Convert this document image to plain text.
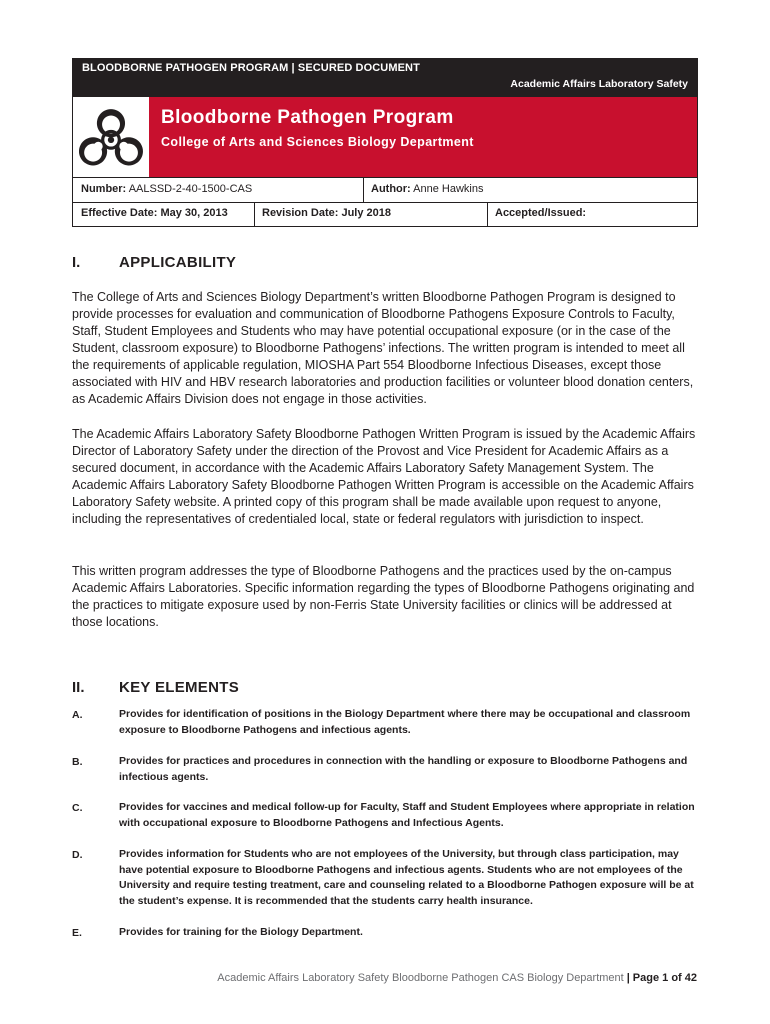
BLOODBORNE PATHOGEN PROGRAM | SECURED DOCUMENT
Academic Affairs Laboratory Safety
Bloodborne Pathogen Program
College of Arts and Sciences Biology Department
Number: AALSSD-2-40-1500-CAS	Author: Anne Hawkins
Effective Date: May 30, 2013	Revision Date: July 2018	Accepted/Issued:
I.	APPLICABILITY

The College of Arts and Sciences Biology Department’s written Bloodborne Pathogen Program is designed to provide processes for evaluation and communication of Bloodborne Pathogens Exposure Controls to Faculty, Staff, Student Employees and Students who may have potential occupational exposure (or in the case of the Student, classroom exposure) to Bloodborne Pathogens’ infections. The written program is intended to meet all the requirements of applicable regulation, MIOSHA Part 554 Bloodborne Infectious Diseases, except those associated with HIV and HBV research laboratories and production facilities or volunteer blood donation centers, as Academic Affairs Division does not engage in those activities.

The Academic Affairs Laboratory Safety Bloodborne Pathogen Written Program is issued by the Academic Affairs Director of Laboratory Safety under the direction of the Provost and Vice President for Academic Affairs as a secured document, in accordance with the Academic Affairs Laboratory Safety Management System. The Academic Affairs Laboratory Safety Bloodborne Pathogen Written Program is accessible on the Academic Affairs Laboratory Safety website. A printed copy of this program shall be made available upon request to anyone, including the representatives of credentialed local, state or federal regulators with jurisdiction to inspect.

This written program addresses the type of Bloodborne Pathogens and the practices used by the on-campus Academic Affairs Laboratories. Specific information regarding the types of Bloodborne Pathogens originating and the practices to mitigate exposure used by non-Ferris State University facilities or clinics will be addressed at those locations.

II. KEY ELEMENTS
A.	Provides for identification of positions in the Biology Department where there may be occupational and classroom exposure to Bloodborne Pathogens and infectious agents.

B.	Provides for practices and procedures in connection with the handling or exposure to Bloodborne Pathogens and infectious agents.

C.	Provides for vaccines and medical follow-up for Faculty, Staff and Student Employees where appropriate in relation with occupational exposure to Bloodborne Pathogens and Infectious Agents.

D.	Provides information for Students who are not employees of the University, but through class participation, may have potential exposure to Bloodborne Pathogens and infectious agents. Students who are not employees of the University and require testing treatment, care and counseling related to a Bloodborne Pathogen exposure will be at the student’s expense. It is recommended that the students carry health insurance.

E.	Provides for training for the Biology Department.

Academic Affairs Laboratory Safety Bloodborne Pathogen CAS Biology Department | Page 1 of 42
